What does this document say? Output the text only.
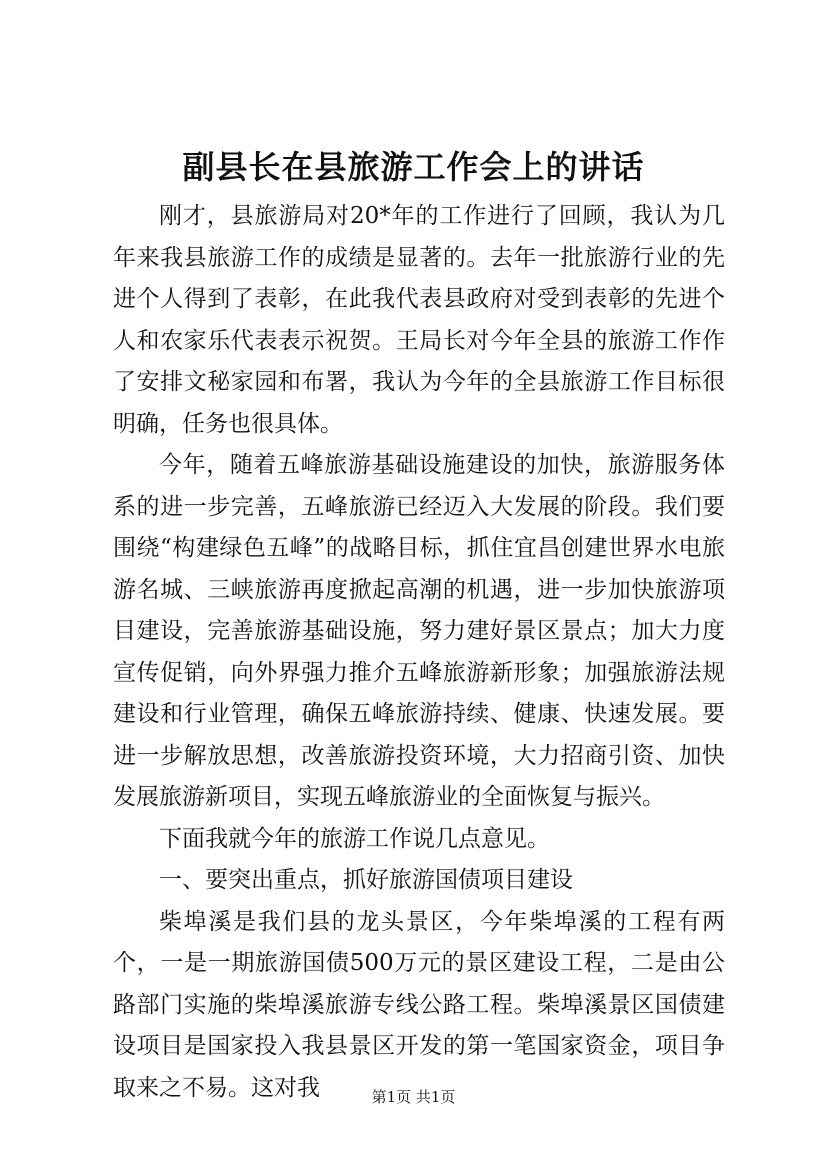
副县长在县旅游工作会上的讲话

刚才，县旅游局对20*年的工作进行了回顾，我认为几年来我县旅游工作的成绩是显著的。去年一批旅游行业的先进个人得到了表彰，在此我代表县政府对受到表彰的先进个人和农家乐代表表示祝贺。王局长对今年全县的旅游工作作了安排文秘家园和布署，我认为今年的全县旅游工作目标很明确，任务也很具体。

今年，随着五峰旅游基础设施建设的加快，旅游服务体系的进一步完善，五峰旅游已经迈入大发展的阶段。我们要围绕“构建绿色五峰”的战略目标，抓住宜昌创建世界水电旅游名城、三峡旅游再度掀起高潮的机遇，进一步加快旅游项目建设，完善旅游基础设施，努力建好景区景点；加大力度宣传促销，向外界强力推介五峰旅游新形象；加强旅游法规建设和行业管理，确保五峰旅游持续、健康、快速发展。要进一步解放思想，改善旅游投资环境，大力招商引资、加快发展旅游新项目，实现五峰旅游业的全面恢复与振兴。

下面我就今年的旅游工作说几点意见。

一、要突出重点，抓好旅游国债项目建设

柴埠溪是我们县的龙头景区，今年柴埠溪的工程有两个，一是一期旅游国债500万元的景区建设工程，二是由公路部门实施的柴埠溪旅游专线公路工程。柴埠溪景区国债建设项目是国家投入我县景区开发的第一笔国家资金，项目争取来之不易。这对我	第1页 共1页
